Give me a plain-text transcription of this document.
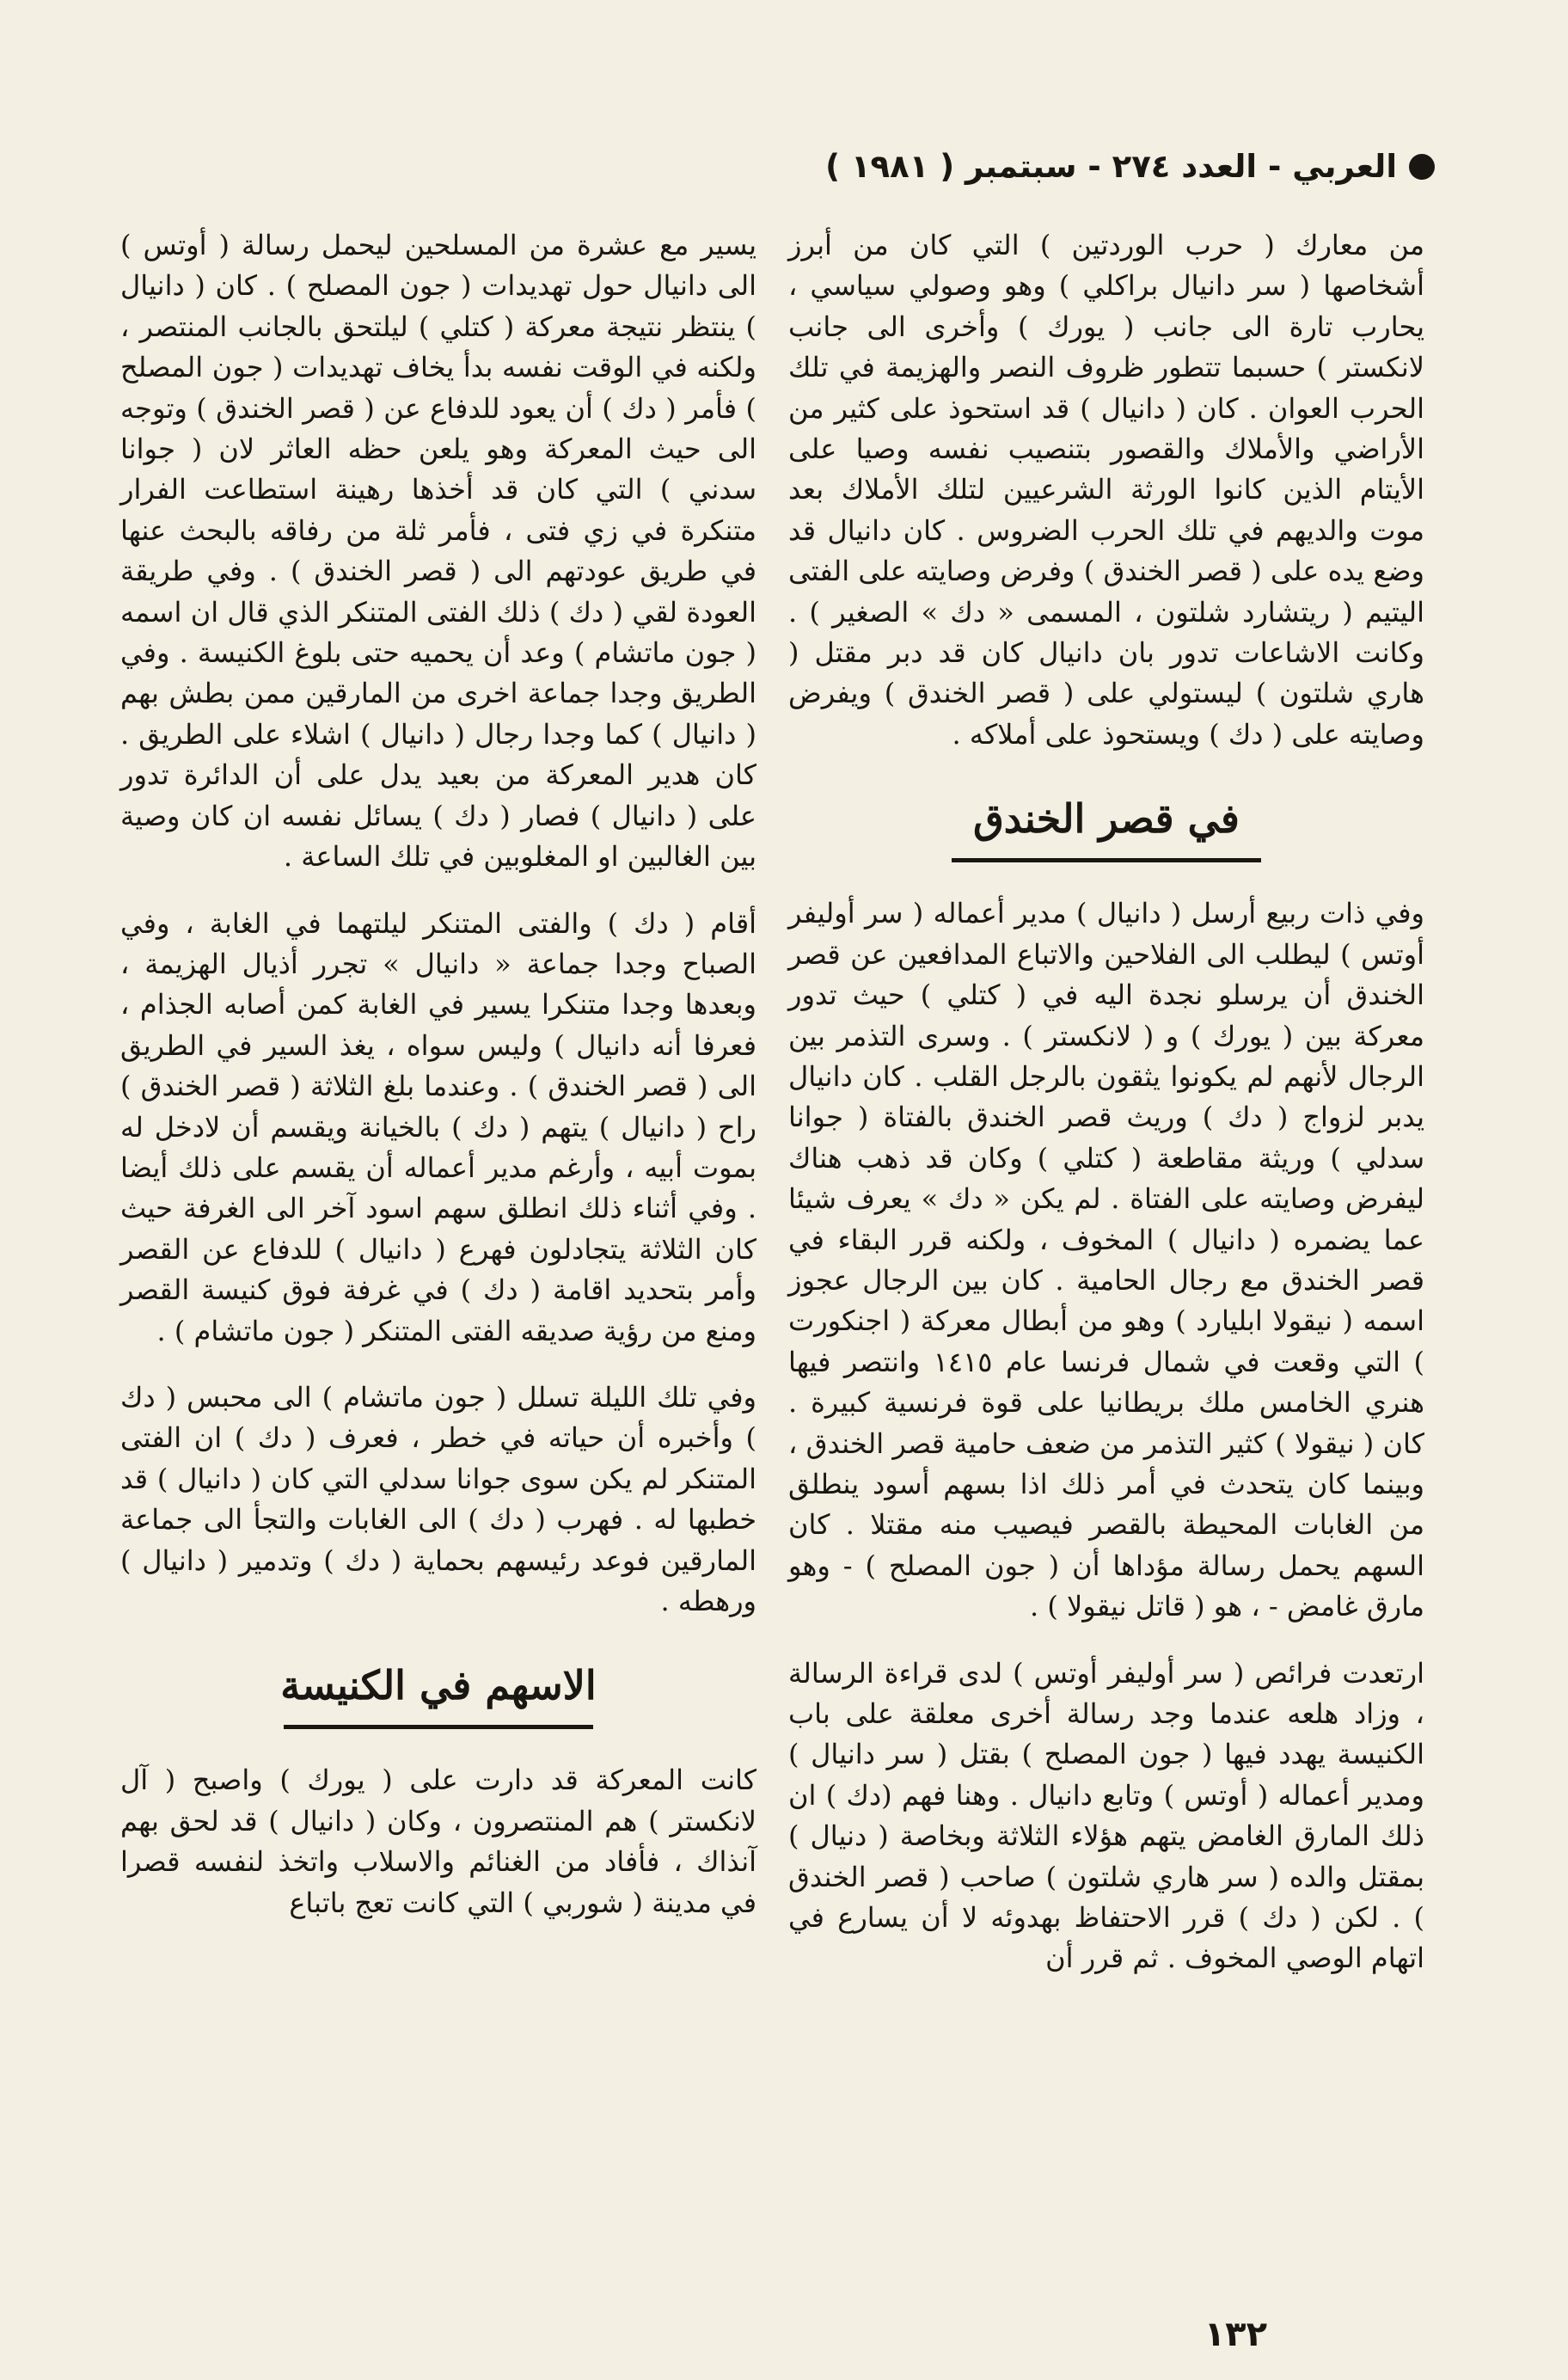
العربي - العدد ٢٧٤ - سبتمبر ( ١٩٨١ )

من معارك ( حرب الوردتين ) التي كان من أبرز أشخاصها ( سر دانيال براكلي ) وهو وصولي سياسي ، يحارب تارة الى جانب ( يورك ) وأخرى الى جانب لانكستر ) حسبما تتطور ظروف النصر والهزيمة في تلك الحرب العوان . كان ( دانيال ) قد استحوذ على كثير من الأراضي والأملاك والقصور بتنصيب نفسه وصيا على الأيتام الذين كانوا الورثة الشرعيين لتلك الأملاك بعد موت والديهم في تلك الحرب الضروس . كان دانيال قد وضع يده على ( قصر الخندق ) وفرض وصايته على الفتى اليتيم ( ريتشارد شلتون ، المسمى « دك » الصغير ) . وكانت الاشاعات تدور بان دانيال كان قد دبر مقتل ( هاري شلتون ) ليستولي على ( قصر الخندق ) ويفرض وصايته على ( دك ) ويستحوذ على أملاكه .

في قصر الخندق

وفي ذات ربيع أرسل ( دانيال ) مدير أعماله ( سر أوليفر أوتس ) ليطلب الى الفلاحين والاتباع المدافعين عن قصر الخندق أن يرسلو نجدة اليه في ( كتلي ) حيث تدور معركة بين ( يورك ) و ( لانكستر ) . وسرى التذمر بين الرجال لأنهم لم يكونوا يثقون بالرجل القلب . كان دانيال يدبر لزواج ( دك ) وريث قصر الخندق بالفتاة ( جوانا سدلي ) وريثة مقاطعة ( كتلي ) وكان قد ذهب هناك ليفرض وصايته على الفتاة . لم يكن « دك » يعرف شيئا عما يضمره ( دانيال ) المخوف ، ولكنه قرر البقاء في قصر الخندق مع رجال الحامية . كان بين الرجال عجوز اسمه ( نيقولا ابليارد ) وهو من أبطال معركة ( اجنكورت ) التي وقعت في شمال فرنسا عام ١٤١٥ وانتصر فيها هنري الخامس ملك بريطانيا على قوة فرنسية كبيرة . كان ( نيقولا ) كثير التذمر من ضعف حامية قصر الخندق ، وبينما كان يتحدث في أمر ذلك اذا بسهم أسود ينطلق من الغابات المحيطة بالقصر فيصيب منه مقتلا . كان السهم يحمل رسالة مؤداها أن ( جون المصلح ) - وهو مارق غامض - ، هو ( قاتل نيقولا ) .

ارتعدت فرائص ( سر أوليفر أوتس ) لدى قراءة الرسالة ، وزاد هلعه عندما وجد رسالة أخرى معلقة على باب الكنيسة يهدد فيها ( جون المصلح ) بقتل ( سر دانيال ) ومدير أعماله ( أوتس ) وتابع دانيال . وهنا فهم (دك ) ان ذلك المارق الغامض يتهم هؤلاء الثلاثة وبخاصة ( دنيال ) بمقتل والده ( سر هاري شلتون ) صاحب ( قصر الخندق ) . لكن ( دك ) قرر الاحتفاظ بهدوئه لا أن يسارع في اتهام الوصي المخوف . ثم قرر أن

يسير مع عشرة من المسلحين ليحمل رسالة ( أوتس ) الى دانيال حول تهديدات ( جون المصلح ) . كان ( دانيال ) ينتظر نتيجة معركة ( كتلي ) ليلتحق بالجانب المنتصر ، ولكنه في الوقت نفسه بدأ يخاف تهديدات ( جون المصلح ) فأمر ( دك ) أن يعود للدفاع عن ( قصر الخندق ) وتوجه الى حيث المعركة وهو يلعن حظه العاثر لان ( جوانا سدني ) التي كان قد أخذها رهينة استطاعت الفرار متنكرة في زي فتى ، فأمر ثلة من رفاقه بالبحث عنها في طريق عودتهم الى ( قصر الخندق ) . وفي طريقة العودة لقي ( دك ) ذلك الفتى المتنكر الذي قال ان اسمه ( جون ماتشام ) وعد أن يحميه حتى بلوغ الكنيسة . وفي الطريق وجدا جماعة اخرى من المارقين ممن بطش بهم ( دانيال ) كما وجدا رجال ( دانيال ) اشلاء على الطريق . كان هدير المعركة من بعيد يدل على أن الدائرة تدور على ( دانيال ) فصار ( دك ) يسائل نفسه ان كان وصية بين الغالبين او المغلوبين في تلك الساعة .

أقام ( دك ) والفتى المتنكر ليلتهما في الغابة ، وفي الصباح وجدا جماعة « دانيال » تجرر أذيال الهزيمة ، وبعدها وجدا متنكرا يسير في الغابة كمن أصابه الجذام ، فعرفا أنه دانيال ) وليس سواه ، يغذ السير في الطريق الى ( قصر الخندق ) . وعندما بلغ الثلاثة ( قصر الخندق ) راح ( دانيال ) يتهم ( دك ) بالخيانة ويقسم أن لادخل له بموت أبيه ، وأرغم مدير أعماله أن يقسم على ذلك أيضا . وفي أثناء ذلك انطلق سهم اسود آخر الى الغرفة حيث كان الثلاثة يتجادلون فهرع ( دانيال ) للدفاع عن القصر وأمر بتحديد اقامة ( دك ) في غرفة فوق كنيسة القصر ومنع من رؤية صديقه الفتى المتنكر ( جون ماتشام ) .

وفي تلك الليلة تسلل ( جون ماتشام ) الى محبس ( دك ) وأخبره أن حياته في خطر ، فعرف ( دك ) ان الفتى المتنكر لم يكن سوى جوانا سدلي التي كان ( دانيال ) قد خطبها له . فهرب ( دك ) الى الغابات والتجأ الى جماعة المارقين فوعد رئيسهم بحماية ( دك ) وتدمير ( دانيال ) ورهطه .

الاسهم في الكنيسة

كانت المعركة قد دارت على ( يورك ) واصبح ( آل لانكستر ) هم المنتصرون ، وكان ( دانيال ) قد لحق بهم آنذاك ، فأفاد من الغنائم والاسلاب واتخذ لنفسه قصرا في مدينة ( شوربي ) التي كانت تعج باتباع

١٣٢
